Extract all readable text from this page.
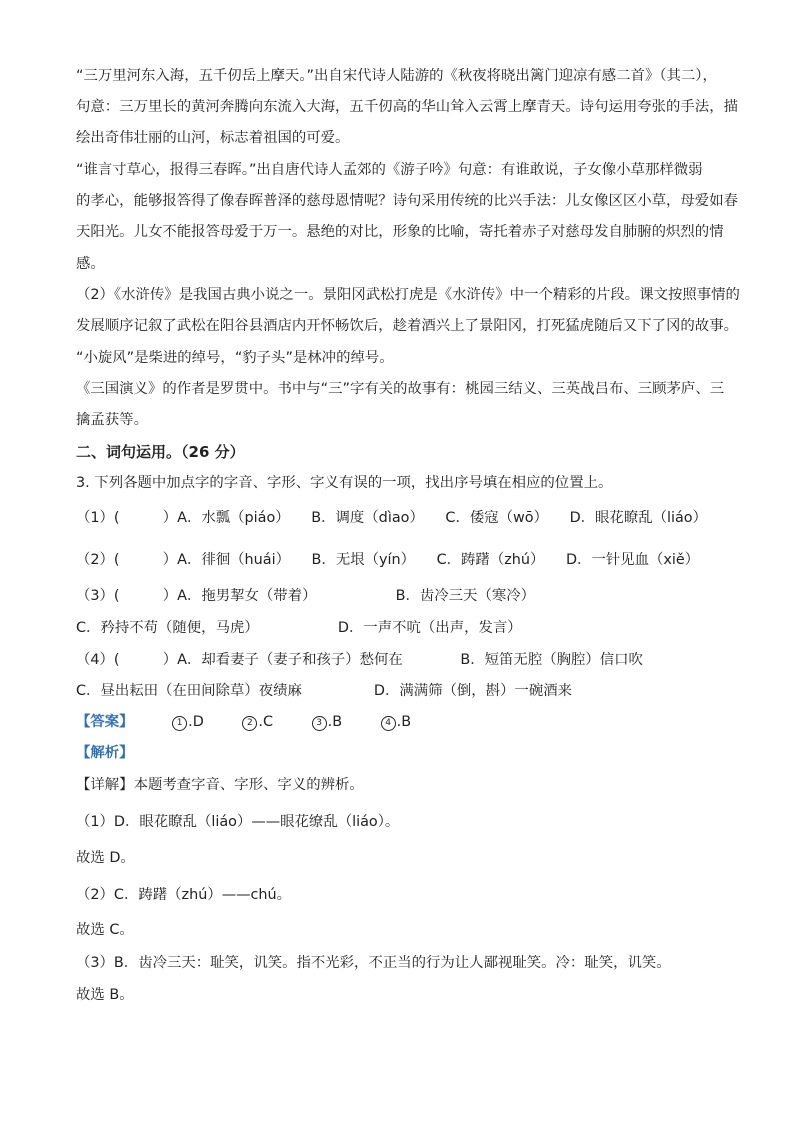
“三万里河东入海，五千仞岳上摩天。”出自宋代诗人陆游的《秋夜将晓出篱门迎凉有感二首》（其二），
句意：三万里长的黄河奔腾向东流入大海，五千仞高的华山耸入云霄上摩青天。诗句运用夸张的手法，描
绘出奇伟壮丽的山河，标志着祖国的可爱。
“谁言寸草心，报得三春晖。”出自唐代诗人孟郊的《游子吟》句意：有谁敢说，子女像小草那样微弱
的孝心，能够报答得了像春晖普泽的慈母恩情呢？诗句采用传统的比兴手法：儿女像区区小草，母爱如春
天阳光。儿女不能报答母爱于万一。悬绝的对比，形象的比喻，寄托着赤子对慈母发自肺腑的炽烈的情
感。
（2）《水浒传》是我国古典小说之一。景阳冈武松打虎是《水浒传》中一个精彩的片段。课文按照事情的
发展顺序记叙了武松在阳谷县酒店内开怀畅饮后，趁着酒兴上了景阳冈，打死猛虎随后又下了冈的故事。
“小旋风”是柴进的绰号，“豹子头”是林冲的绰号。
《三国演义》的作者是罗贯中。书中与“三”字有关的故事有：桃园三结义、三英战吕布、三顾茅庐、三
擒孟获等。
二、词句运用。（26 分）
3. 下列各题中加点字的字音、字形、字义有误的一项，找出序号填在相应的位置上。
（1）(　　　）A．水瓢（piáo）　　B．调度（dìao）　　C．倭寇（wō）　　D．眼花瞭乱（liáo）
（2）(　　　）A．徘徊（huái）　　B．无垠（yín）　　C．踌躇（zhú）　　D．一针见血（xiě）
（3）(　　　）A．拖男挈女（带着）　　　　　　B．齿冷三天（寒冷）
C．矜持不苟（随便，马虎）　　　　　　D．一声不吭（出声，发言）
（4）(　　　）A．却看妻子（妻子和孩子）愁何在　　　　B．短笛无腔（胸腔）信口吹
C．昼出耘田（在田间除草）夜绩麻　　　　　D．满满筛（倒，斟）一碗酒来
【答案】	1 .D	2 .C	3 .B	4 .B
【解析】
【详解】本题考查字音、字形、字义的辨析。
（1）D．眼花瞭乱（liáo）——眼花缭乱（liáo）。
故选 D。
（2）C．踌躇（zhú）——chú。
故选 C。
（3）B．齿冷三天：耻笑，讥笑。指不光彩，不正当的行为让人鄙视耻笑。冷：耻笑，讥笑。
故选 B。
